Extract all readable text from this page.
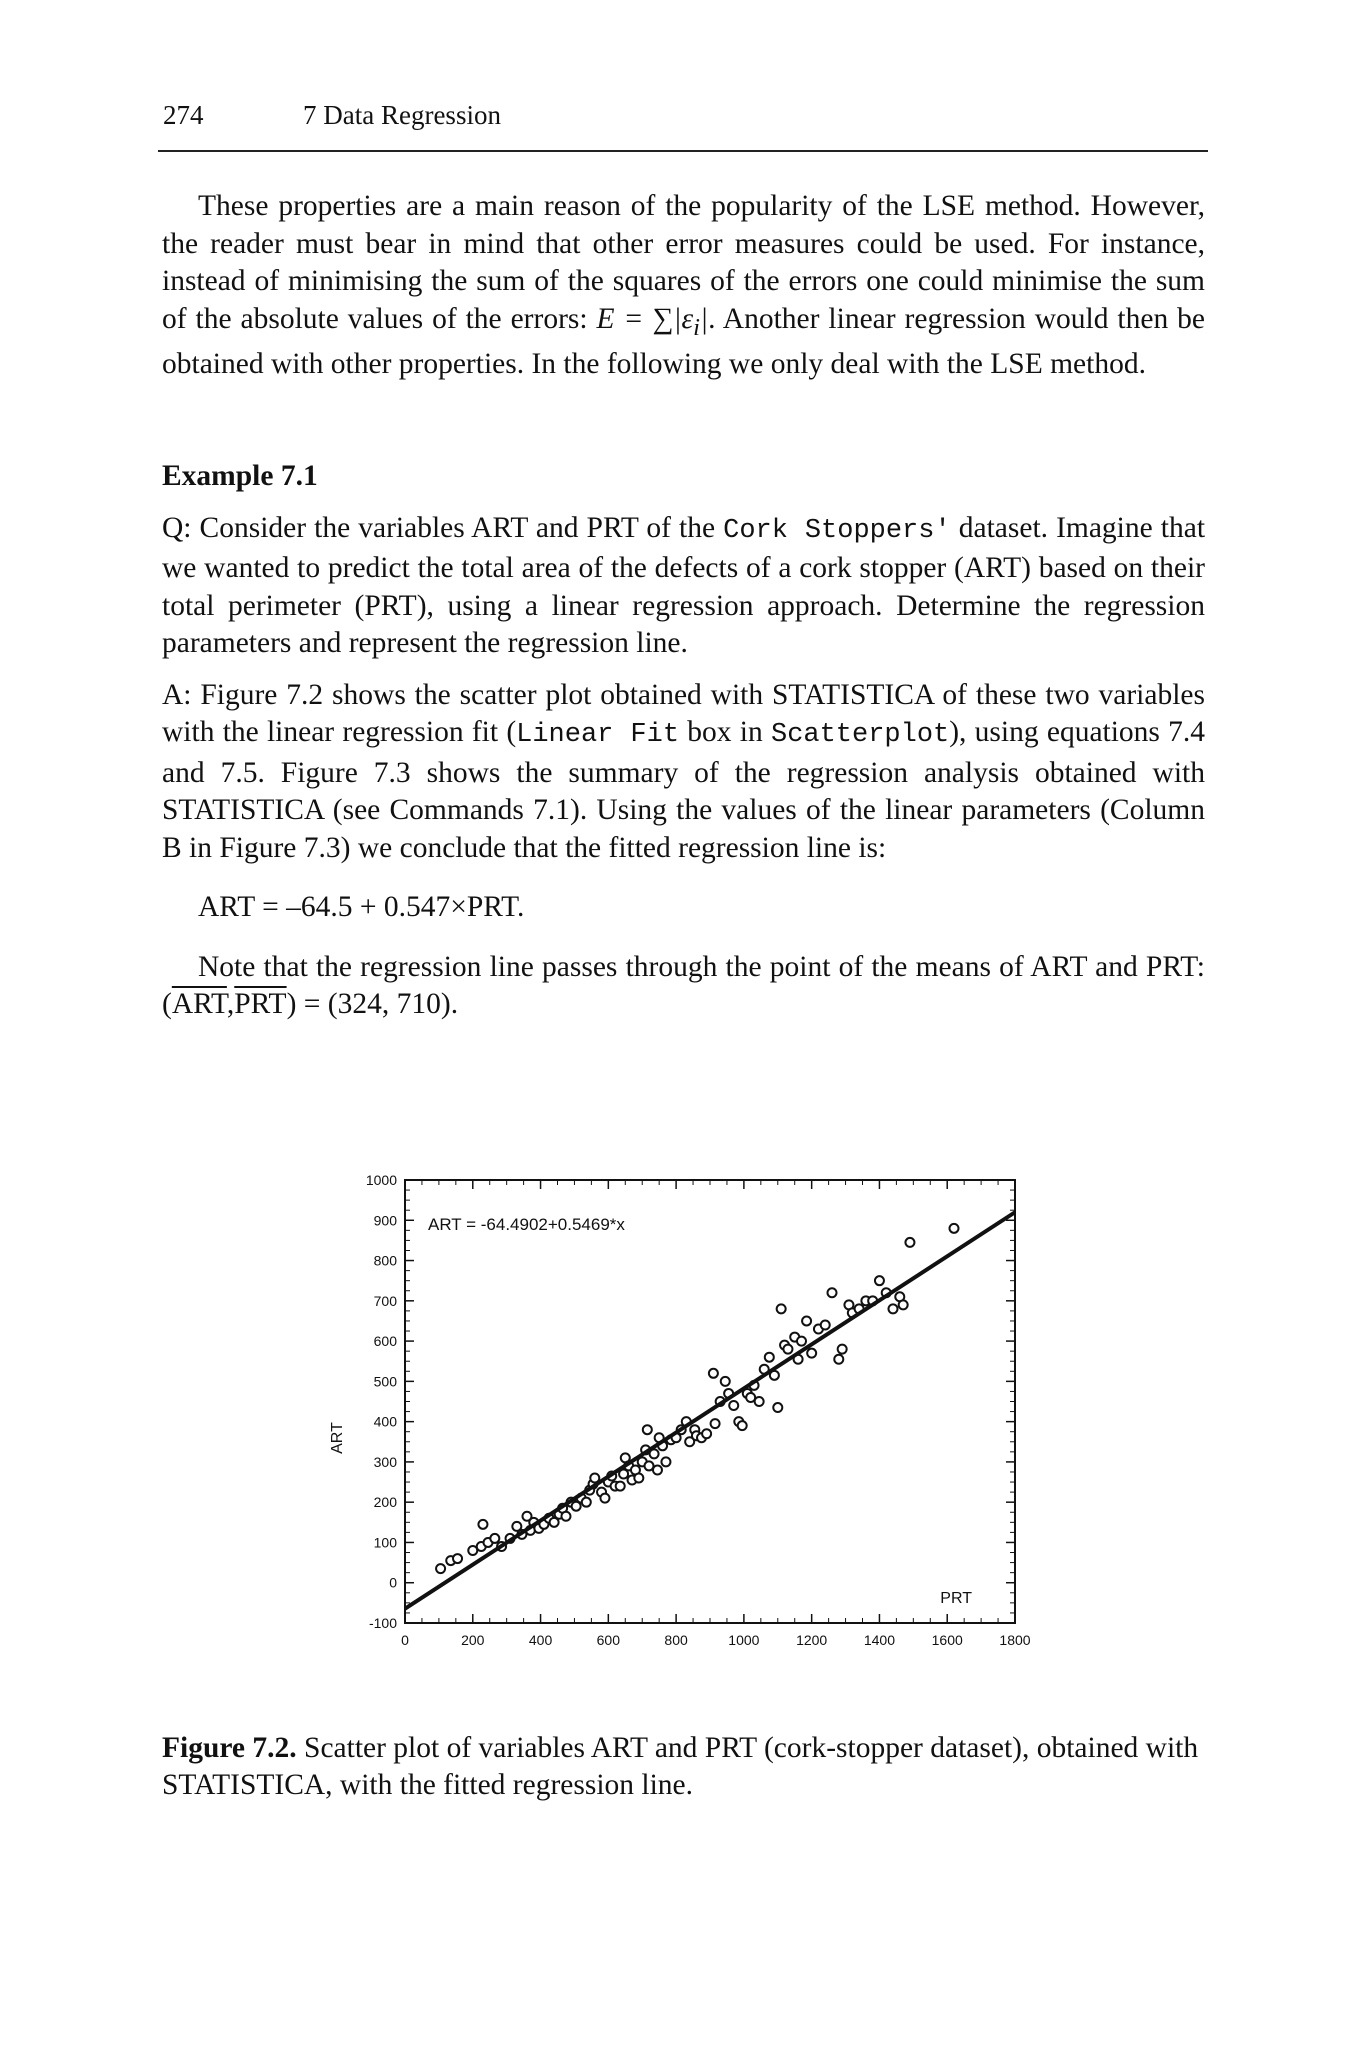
274	7 Data Regression

These properties are a main reason of the popularity of the LSE method. However, the reader must bear in mind that other error measures could be used. For instance, instead of minimising the sum of the squares of the errors one could minimise the sum of the absolute values of the errors: $E = \sum|\varepsilon_i|$. Another linear regression would then be obtained with other properties. In the following we only deal with the LSE method.

Example 7.1

Q: Consider the variables ART and PRT of the Cork Stoppers' dataset. Imagine that we wanted to predict the total area of the defects of a cork stopper (ART) based on their total perimeter (PRT), using a linear regression approach. Determine the regression parameters and represent the regression line.

A: Figure 7.2 shows the scatter plot obtained with STATISTICA of these two variables with the linear regression fit (Linear Fit box in Scatterplot), using equations 7.4 and 7.5. Figure 7.3 shows the summary of the regression analysis obtained with STATISTICA (see Commands 7.1). Using the values of the linear parameters (Column B in Figure 7.3) we conclude that the fitted regression line is:

ART = –64.5 + 0.547×PRT.

Note that the regression line passes through the point of the means of ART and PRT: $(\overline{ART},\overline{PRT}) = (324$, 710).

-100
0
100
200
300
400
500
600
700
800
900
1000
0	200	400	600	800	1000	1200	1400	1600	1800
ART = -64.4902+0.5469*x
PRT
ART
Figure 7.2. Scatter plot of variables ART and PRT (cork-stopper dataset), obtained with STATISTICA, with the fitted regression line.
